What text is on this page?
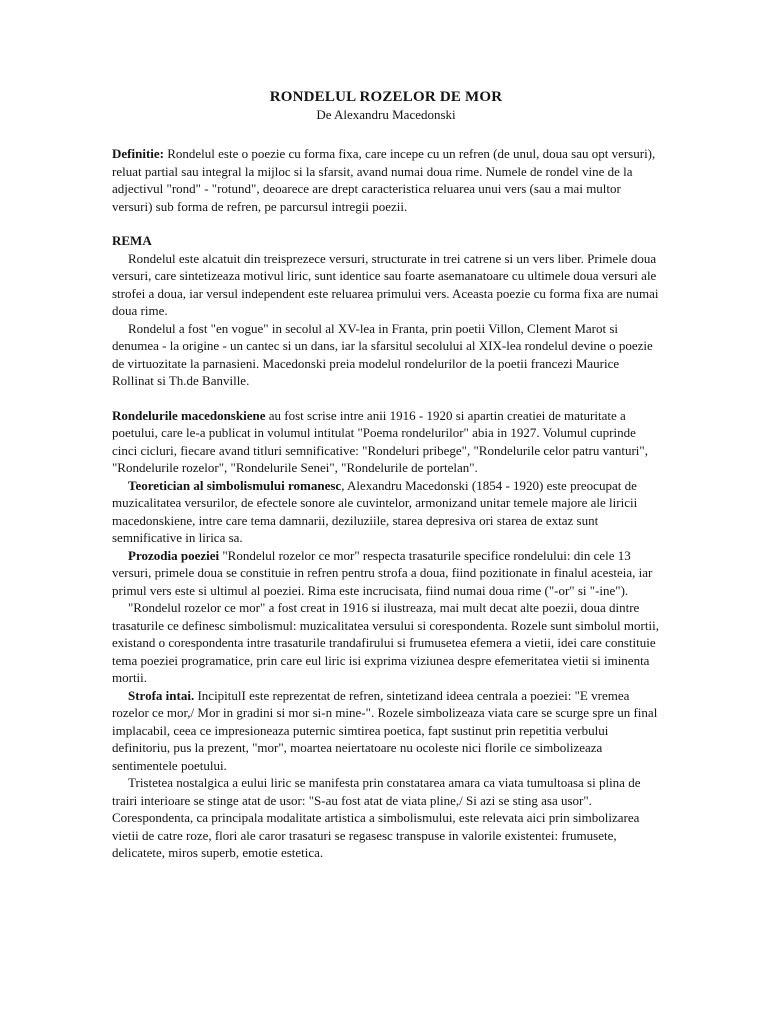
RONDELUL ROZELOR DE MOR

De Alexandru Macedonski

Definitie: Rondelul este o poezie cu forma fixa, care incepe cu un refren (de unul, doua sau opt versuri), reluat partial sau integral la mijloc si la sfarsit, avand numai doua rime. Numele de rondel vine de la adjectivul "rond" - "rotund", deoarece are drept caracteristica reluarea unui vers (sau a mai multor versuri) sub forma de refren, pe parcursul intregii poezii.

REMA

Rondelul este alcatuit din treisprezece versuri, structurate in trei catrene si un vers liber. Primele doua versuri, care sintetizeaza motivul liric, sunt identice sau foarte asemanatoare cu ultimele doua versuri ale strofei a doua, iar versul independent este reluarea primului vers. Aceasta poezie cu forma fixa are numai doua rime.

Rondelul a fost "en vogue" in secolul al XV-lea in Franta, prin poetii Villon, Clement Marot si denumea - la origine - un cantec si un dans, iar la sfarsitul secolului al XIX-lea rondelul devine o poezie de virtuozitate la parnasieni. Macedonski preia modelul rondelurilor de la poetii francezi Maurice Rollinat si Th.de Banville.

Rondelurile macedonskiene au fost scrise intre anii 1916 - 1920 si apartin creatiei de maturitate a poetului, care le-a publicat in volumul intitulat "Poema rondelurilor" abia in 1927. Volumul cuprinde cinci cicluri, fiecare avand titluri semnificative: "Rondeluri pribege", "Rondelurile celor patru vanturi", "Rondelurile rozelor", "Rondelurile Senei", "Rondelurile de portelan".

Teoretician al simbolismului romanesc, Alexandru Macedonski (1854 - 1920) este preocupat de muzicalitatea versurilor, de efectele sonore ale cuvintelor, armonizand unitar temele majore ale liricii macedonskiene, intre care tema damnarii, deziluziile, starea depresiva ori starea de extaz sunt semnificative in lirica sa.

Prozodia poeziei "Rondelul rozelor ce mor" respecta trasaturile specifice rondelului: din cele 13 versuri, primele doua se constituie in refren pentru strofa a doua, fiind pozitionate in finalul acesteia, iar primul vers este si ultimul al poeziei. Rima este incrucisata, fiind numai doua rime ("-or" si "-ine").

"Rondelul rozelor ce mor" a fost creat in 1916 si ilustreaza, mai mult decat alte poezii, doua dintre trasaturile ce definesc simbolismul: muzicalitatea versului si corespondenta. Rozele sunt simbolul mortii, existand o corespondenta intre trasaturile trandafirului si frumusetea efemera a vietii, idei care constituie tema poeziei programatice, prin care eul liric isi exprima viziunea despre efemeritatea vietii si iminenta mortii.

Strofa intai. IncipitulI este reprezentat de refren, sintetizand ideea centrala a poeziei: "E vremea rozelor ce mor,/ Mor in gradini si mor si-n mine-". Rozele simbolizeaza viata care se scurge spre un final implacabil, ceea ce impresioneaza puternic simtirea poetica, fapt sustinut prin repetitia verbului definitoriu, pus la prezent, "mor", moartea neiertatoare nu ocoleste nici florile ce simbolizeaza sentimentele poetului.

Tristetea nostalgica a eului liric se manifesta prin constatarea amara ca viata tumultoasa si plina de trairi interioare se stinge atat de usor: "S-au fost atat de viata pline,/ Si azi se sting asa usor". Corespondenta, ca principala modalitate artistica a simbolismului, este relevata aici prin simbolizarea vietii de catre roze, flori ale caror trasaturi se regasesc transpuse in valorile existentei: frumusete, delicatete, miros superb, emotie estetica.
